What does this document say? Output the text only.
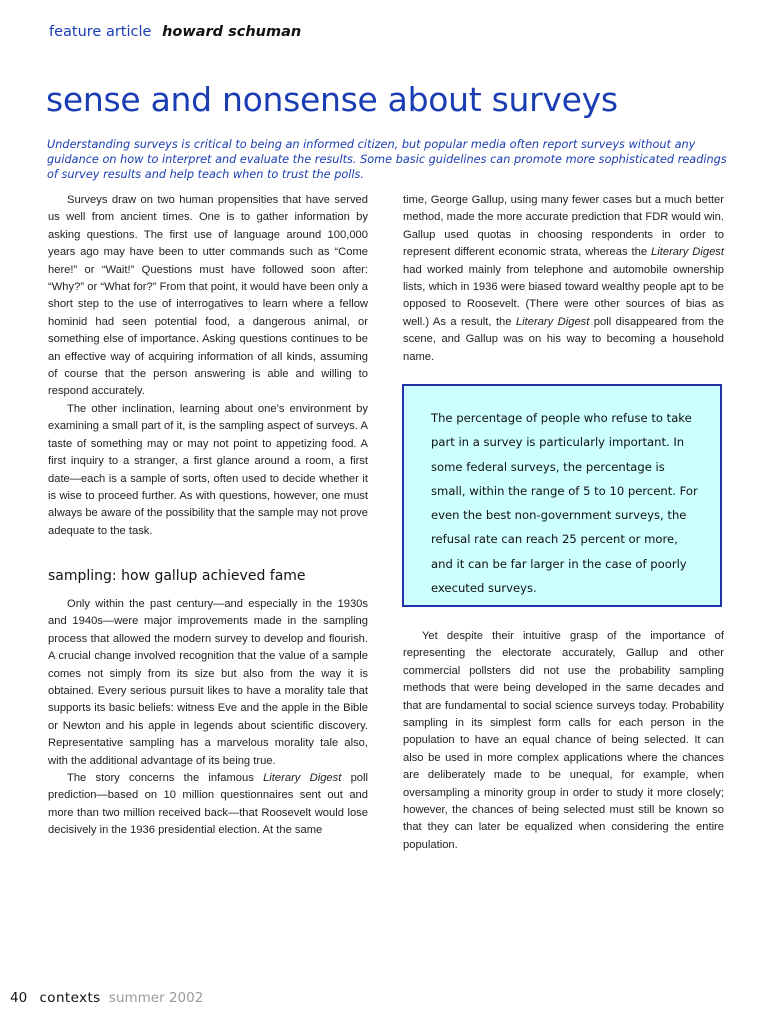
feature article howard schuman
sense and nonsense about surveys

Understanding surveys is critical to being an informed citizen, but popular media often report surveys without any guidance on how to interpret and evaluate the results. Some basic guidelines can promote more sophisticated readings of survey results and help teach when to trust the polls.

Surveys draw on two human propensities that have served us well from ancient times. One is to gather information by asking questions. The first use of language around 100,000 years ago may have been to utter commands such as “Come here!” or “Wait!” Questions must have followed soon after: “Why?” or “What for?” From that point, it would have been only a short step to the use of interrogatives to learn where a fellow hominid had seen potential food, a dangerous animal, or something else of importance. Asking questions continues to be an effective way of acquiring information of all kinds, assuming of course that the person answering is able and willing to respond accurately.

The other inclination, learning about one’s environment by examining a small part of it, is the sampling aspect of surveys. A taste of something may or may not point to appetizing food. A first inquiry to a stranger, a first glance around a room, a first date—each is a sample of sorts, often used to decide whether it is wise to proceed further. As with questions, however, one must always be aware of the possibility that the sample may not prove adequate to the task.

sampling: how gallup achieved fame

Only within the past century—and especially in the 1930s and 1940s—were major improvements made in the sampling process that allowed the modern survey to develop and flourish. A crucial change involved recognition that the value of a sample comes not simply from its size but also from the way it is obtained. Every serious pursuit likes to have a morality tale that supports its basic beliefs: witness Eve and the apple in the Bible or Newton and his apple in legends about scientific discovery. Representative sampling has a marvelous morality tale also, with the additional advantage of its being true.

The story concerns the infamous Literary Digest poll prediction—based on 10 million questionnaires sent out and more than two million received back—that Roosevelt would lose decisively in the 1936 presidential election. At the same

time, George Gallup, using many fewer cases but a much better method, made the more accurate prediction that FDR would win. Gallup used quotas in choosing respondents in order to represent different economic strata, whereas the Literary Digest had worked mainly from telephone and automobile ownership lists, which in 1936 were biased toward wealthy people apt to be opposed to Roosevelt. (There were other sources of bias as well.) As a result, the Literary Digest poll disappeared from the scene, and Gallup was on his way to becoming a household name.

The percentage of people who refuse to take part in a survey is particularly important. In some federal surveys, the percentage is small, within the range of 5 to 10 percent. For even the best non-government surveys, the refusal rate can reach 25 percent or more, and it can be far larger in the case of poorly executed surveys.

Yet despite their intuitive grasp of the importance of representing the electorate accurately, Gallup and other commercial pollsters did not use the probability sampling methods that were being developed in the same decades and that are fundamental to social science surveys today. Probability sampling in its simplest form calls for each person in the population to have an equal chance of being selected. It can also be used in more complex applications where the chances are deliberately made to be unequal, for example, when oversampling a minority group in order to study it more closely; however, the chances of being selected must still be known so that they can later be equalized when considering the entire population.

40 contexts summer 2002
